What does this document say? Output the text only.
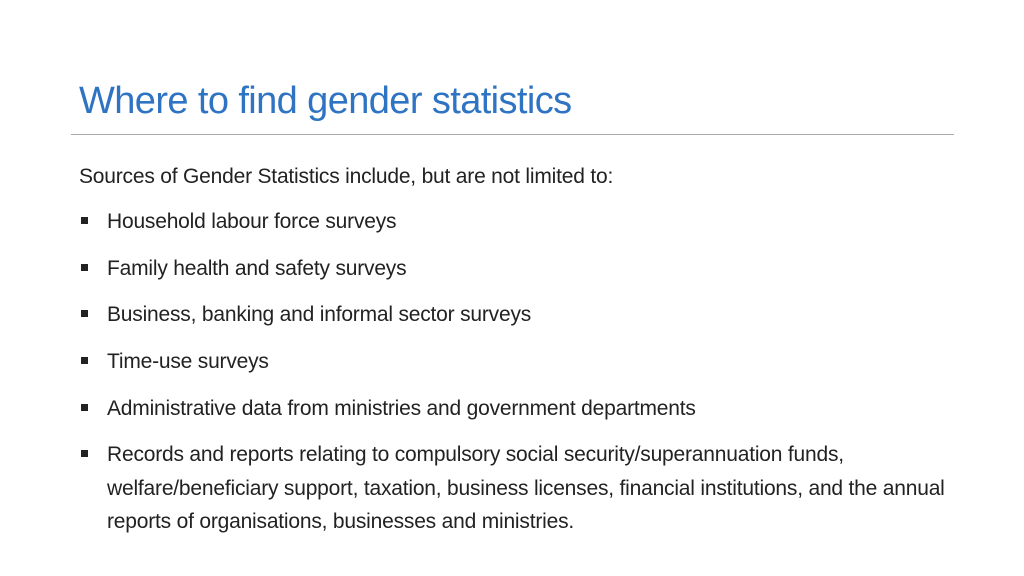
Where to find gender statistics
Sources of Gender Statistics include, but are not limited to:
Household labour force surveys
Family health and safety surveys
Business, banking and informal sector surveys
Time-use surveys
Administrative data from ministries and government departments
Records and reports relating to compulsory social security/superannuation funds, welfare/beneficiary support, taxation, business licenses, financial institutions, and the annual reports of organisations, businesses and ministries.
